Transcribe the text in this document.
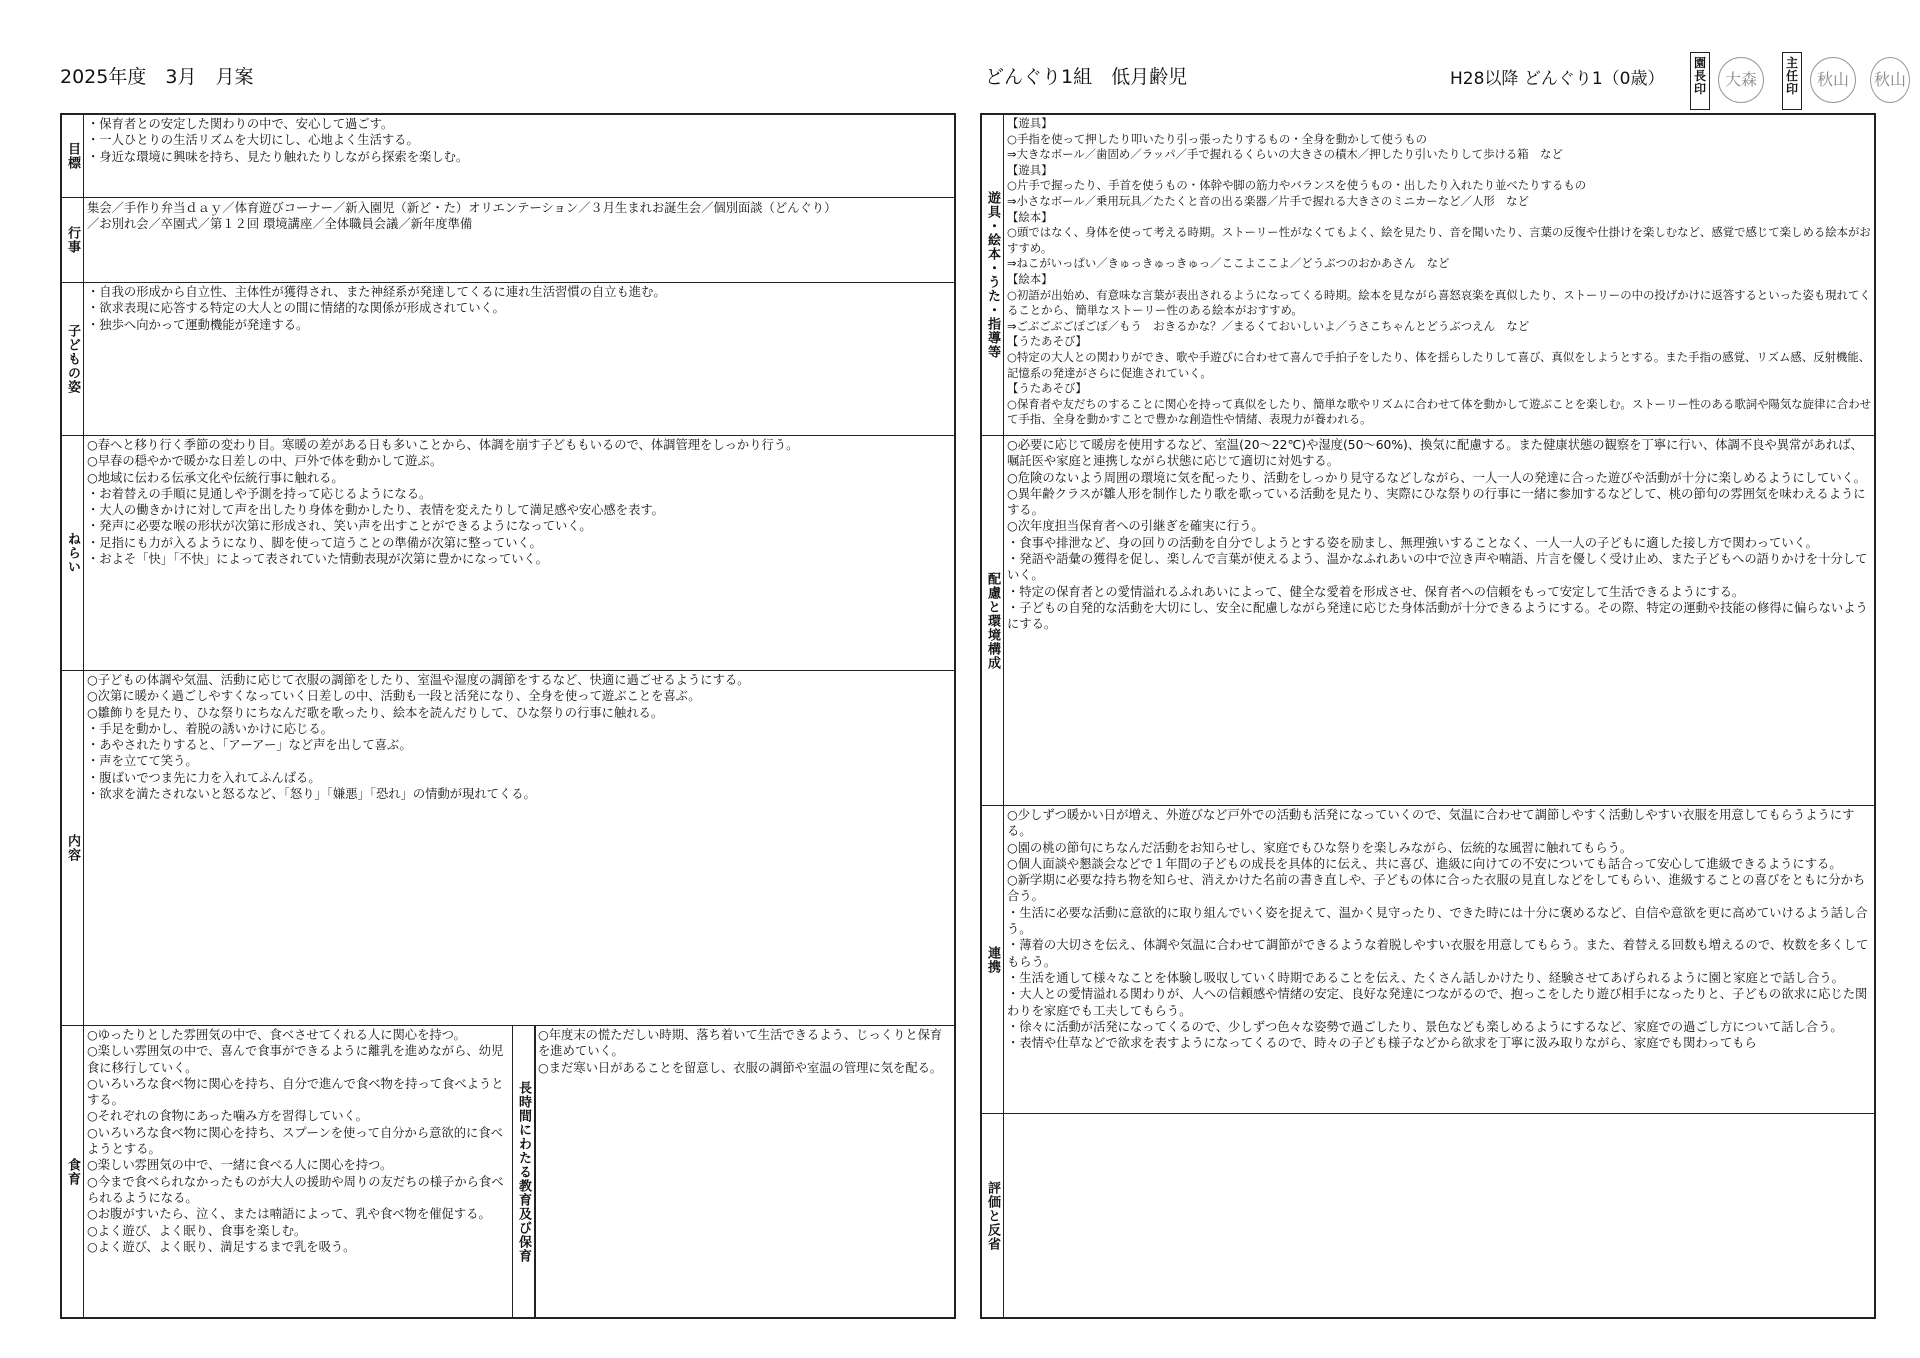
2025年度　3月　月案	どんぐり1組　低月齢児	H28以降 どんぐり1（0歳）
園長印	大森
主任印	秋山	秋山
目標
・保育者との安定した関わりの中で、安心して過ごす。
・一人ひとりの生活リズムを大切にし、心地よく生活する。
・身近な環境に興味を持ち、見たり触れたりしながら探索を楽しむ。
行事
集会／手作り弁当ｄａｙ／体育遊びコーナー／新入園児（新ど・た）オリエンテーション／３月生まれお誕生会／個別面談（どんぐり）
／お別れ会／卒園式／第１２回 環境講座／全体職員会議／新年度準備
子どもの姿
・自我の形成から自立性、主体性が獲得され、また神経系が発達してくるに連れ生活習慣の自立も進む。
・欲求表現に応答する特定の大人との間に情緒的な関係が形成されていく。
・独歩へ向かって運動機能が発達する。
ねらい
○春へと移り行く季節の変わり目。寒暖の差がある日も多いことから、体調を崩す子どももいるので、体調管理をしっかり行う。
○早春の穏やかで暖かな日差しの中、戸外で体を動かして遊ぶ。
○地域に伝わる伝承文化や伝統行事に触れる。
・お着替えの手順に見通しや予測を持って応じるようになる。
・大人の働きかけに対して声を出したり身体を動かしたり、表情を変えたりして満足感や安心感を表す。
・発声に必要な喉の形状が次第に形成され、笑い声を出すことができるようになっていく。
・足指にも力が入るようになり、脚を使って這うことの準備が次第に整っていく。
・およそ「快」「不快」によって表されていた情動表現が次第に豊かになっていく。
内容
○子どもの体調や気温、活動に応じて衣服の調節をしたり、室温や湿度の調節をするなど、快適に過ごせるようにする。
○次第に暖かく過ごしやすくなっていく日差しの中、活動も一段と活発になり、全身を使って遊ぶことを喜ぶ。
○雛飾りを見たり、ひな祭りにちなんだ歌を歌ったり、絵本を読んだりして、ひな祭りの行事に触れる。
・手足を動かし、着脱の誘いかけに応じる。
・あやされたりすると、「アーアー」など声を出して喜ぶ。
・声を立てて笑う。
・腹ばいでつま先に力を入れてふんばる。
・欲求を満たされないと怒るなど、「怒り」「嫌悪」「恐れ」の情動が現れてくる。
食育
○ゆったりとした雰囲気の中で、食べさせてくれる人に関心を持つ。
○楽しい雰囲気の中で、喜んで食事ができるように離乳を進めながら、幼児食に移行していく。
○いろいろな食べ物に関心を持ち、自分で進んで食べ物を持って食べようとする。
○それぞれの食物にあった噛み方を習得していく。
○いろいろな食べ物に関心を持ち、スプーンを使って自分から意欲的に食べようとする。
○楽しい雰囲気の中で、一緒に食べる人に関心を持つ。
○今まで食べられなかったものが大人の援助や周りの友だちの様子から食べられるようになる。
○お腹がすいたら、泣く、または喃語によって、乳や食べ物を催促する。
○よく遊び、よく眠り、食事を楽しむ。
○よく遊び、よく眠り、満足するまで乳を吸う。	長時間にわたる教育及び保育
○年度末の慌ただしい時期、落ち着いて生活できるよう、じっくりと保育を進めていく。
○まだ寒い日があることを留意し、衣服の調節や室温の管理に気を配る。
遊具・絵本・うた・指導等
【遊具】
○手指を使って押したり叩いたり引っ張ったりするもの・全身を動かして使うもの
⇒大きなボール／歯固め／ラッパ／手で握れるくらいの大きさの積木／押したり引いたりして歩ける箱　など
【遊具】
○片手で握ったり、手首を使うもの・体幹や脚の筋力やバランスを使うもの・出したり入れたり並べたりするもの
⇒小さなボール／乗用玩具／たたくと音の出る楽器／片手で握れる大きさのミニカーなど／人形　など
【絵本】
○頭ではなく、身体を使って考える時期。ストーリー性がなくてもよく、絵を見たり、音を聞いたり、言葉の反復や仕掛けを楽しむなど、感覚で感じて楽しめる絵本がおすすめ。
⇒ねこがいっぱい／きゅっきゅっきゅっ／ここよここよ／どうぶつのおかあさん　など
【絵本】
○初語が出始め、有意味な言葉が表出されるようになってくる時期。絵本を見ながら喜怒哀楽を真似したり、ストーリーの中の投げかけに返答するといった姿も現れてくることから、簡単なストーリー性のある絵本がおすすめ。
⇒ごぶごぶごぼごぼ／もう　おきるかな？／まるくておいしいよ／うさこちゃんとどうぶつえん　など
【うたあそび】
○特定の大人との関わりができ、歌や手遊びに合わせて喜んで手拍子をしたり、体を揺らしたりして喜び、真似をしようとする。また手指の感覚、リズム感、反射機能、記憶系の発達がさらに促進されていく。
【うたあそび】
○保育者や友だちのすることに関心を持って真似をしたり、簡単な歌やリズムに合わせて体を動かして遊ぶことを楽しむ。ストーリー性のある歌詞や陽気な旋律に合わせて手指、全身を動かすことで豊かな創造性や情緒、表現力が養われる。
配慮と環境構成
○必要に応じて暖房を使用するなど、室温(20〜22℃)や湿度(50〜60%)、換気に配慮する。また健康状態の観察を丁寧に行い、体調不良や異常があれば、嘱託医や家庭と連携しながら状態に応じて適切に対処する。
○危険のないよう周囲の環境に気を配ったり、活動をしっかり見守るなどしながら、一人一人の発達に合った遊びや活動が十分に楽しめるようにしていく。
○異年齢クラスが雛人形を制作したり歌を歌っている活動を見たり、実際にひな祭りの行事に一緒に参加するなどして、桃の節句の雰囲気を味わえるようにする。
○次年度担当保育者への引継ぎを確実に行う。
・食事や排泄など、身の回りの活動を自分でしようとする姿を励まし、無理強いすることなく、一人一人の子どもに適した接し方で関わっていく。
・発語や語彙の獲得を促し、楽しんで言葉が使えるよう、温かなふれあいの中で泣き声や喃語、片言を優しく受け止め、また子どもへの語りかけを十分していく。
・特定の保育者との愛情溢れるふれあいによって、健全な愛着を形成させ、保育者への信頼をもって安定して生活できるようにする。
・子どもの自発的な活動を大切にし、安全に配慮しながら発達に応じた身体活動が十分できるようにする。その際、特定の運動や技能の修得に偏らないようにする。
連携
○少しずつ暖かい日が増え、外遊びなど戸外での活動も活発になっていくので、気温に合わせて調節しやすく活動しやすい衣服を用意してもらうようにする。
○園の桃の節句にちなんだ活動をお知らせし、家庭でもひな祭りを楽しみながら、伝統的な風習に触れてもらう。
○個人面談や懇談会などで１年間の子どもの成長を具体的に伝え、共に喜び、進級に向けての不安についても話合って安心して進級できるようにする。
○新学期に必要な持ち物を知らせ、消えかけた名前の書き直しや、子どもの体に合った衣服の見直しなどをしてもらい、進級することの喜びをともに分かち合う。
・生活に必要な活動に意欲的に取り組んでいく姿を捉えて、温かく見守ったり、できた時には十分に褒めるなど、自信や意欲を更に高めていけるよう話し合う。
・薄着の大切さを伝え、体調や気温に合わせて調節ができるような着脱しやすい衣服を用意してもらう。また、着替える回数も増えるので、枚数を多くしてもらう。
・生活を通して様々なことを体験し吸収していく時期であることを伝え、たくさん話しかけたり、経験させてあげられるように園と家庭とで話し合う。
・大人との愛情溢れる関わりが、人への信頼感や情緒の安定、良好な発達につながるので、抱っこをしたり遊び相手になったりと、子どもの欲求に応じた関わりを家庭でも工夫してもらう。
・徐々に活動が活発になってくるので、少しずつ色々な姿勢で過ごしたり、景色なども楽しめるようにするなど、家庭での過ごし方について話し合う。
・表情や仕草などで欲求を表すようになってくるので、時々の子ども様子などから欲求を丁寧に汲み取りながら、家庭でも関わってもら
評価と反省
